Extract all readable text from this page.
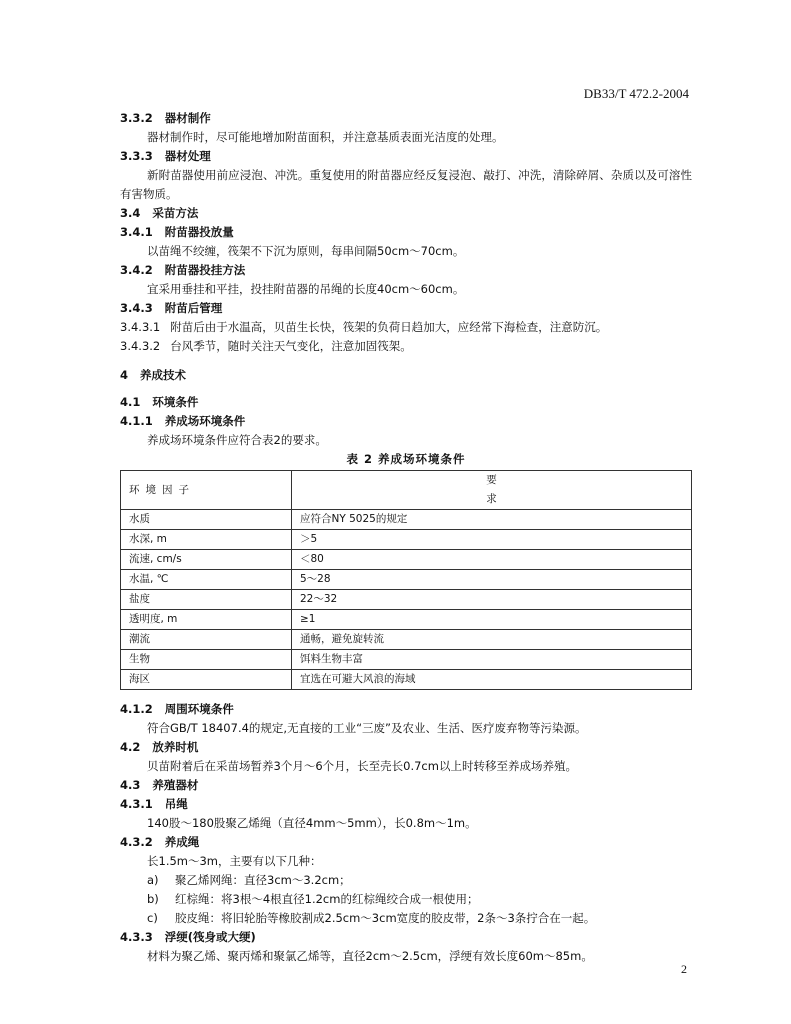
DB33/T 472.2-2004
3.3.2 器材制作
器材制作时，尽可能地增加附苗面积，并注意基质表面光洁度的处理。
3.3.3 器材处理
新附苗器使用前应浸泡、冲洗。重复使用的附苗器应经反复浸泡、敲打、冲洗，清除碎屑、杂质以及可溶性有害物质。
3.4 采苗方法
3.4.1 附苗器投放量
以苗绳不绞缠，筏架不下沉为原则，每串间隔50cm～70cm。
3.4.2 附苗器投挂方法
宜采用垂挂和平挂，投挂附苗器的吊绳的长度40cm～60cm。
3.4.3 附苗后管理
3.4.3.1 附苗后由于水温高，贝苗生长快，筏架的负荷日趋加大，应经常下海检查，注意防沉。
3.4.3.2 台风季节，随时关注天气变化，注意加固筏架。
4 养成技术
4.1 环境条件
4.1.1 养成场环境条件
养成场环境条件应符合表2的要求。
表 2 养成场环境条件
环境因子	要求
水质	应符合NY 5025的规定
水深, m	＞5
流速, cm/s	＜80
水温, ℃	5～28
盐度	22～32
透明度, m	≥1
潮流	通畅，避免旋转流
生物	饵料生物丰富
海区	宜选在可避大风浪的海域
4.1.2 周围环境条件
符合GB/T 18407.4的规定,无直接的工业“三废”及农业、生活、医疗废弃物等污染源。
4.2 放养时机
贝苗附着后在采苗场暂养3个月～6个月，长至壳长0.7cm以上时转移至养成场养殖。
4.3 养殖器材
4.3.1 吊绳
140股～180股聚乙烯绳（直径4mm～5mm），长0.8m～1m。
4.3.2 养成绳
长1.5m～3m，主要有以下几种：
a) 聚乙烯网绳：直径3cm～3.2cm；
b) 红棕绳：将3根～4根直径1.2cm的红棕绳绞合成一根使用；
c) 胶皮绳：将旧轮胎等橡胶割成2.5cm～3cm宽度的胶皮带，2条～3条拧合在一起。
4.3.3 浮绠(筏身或大绠)
材料为聚乙烯、聚丙烯和聚氯乙烯等，直径2cm～2.5cm，浮绠有效长度60m～85m。
2
